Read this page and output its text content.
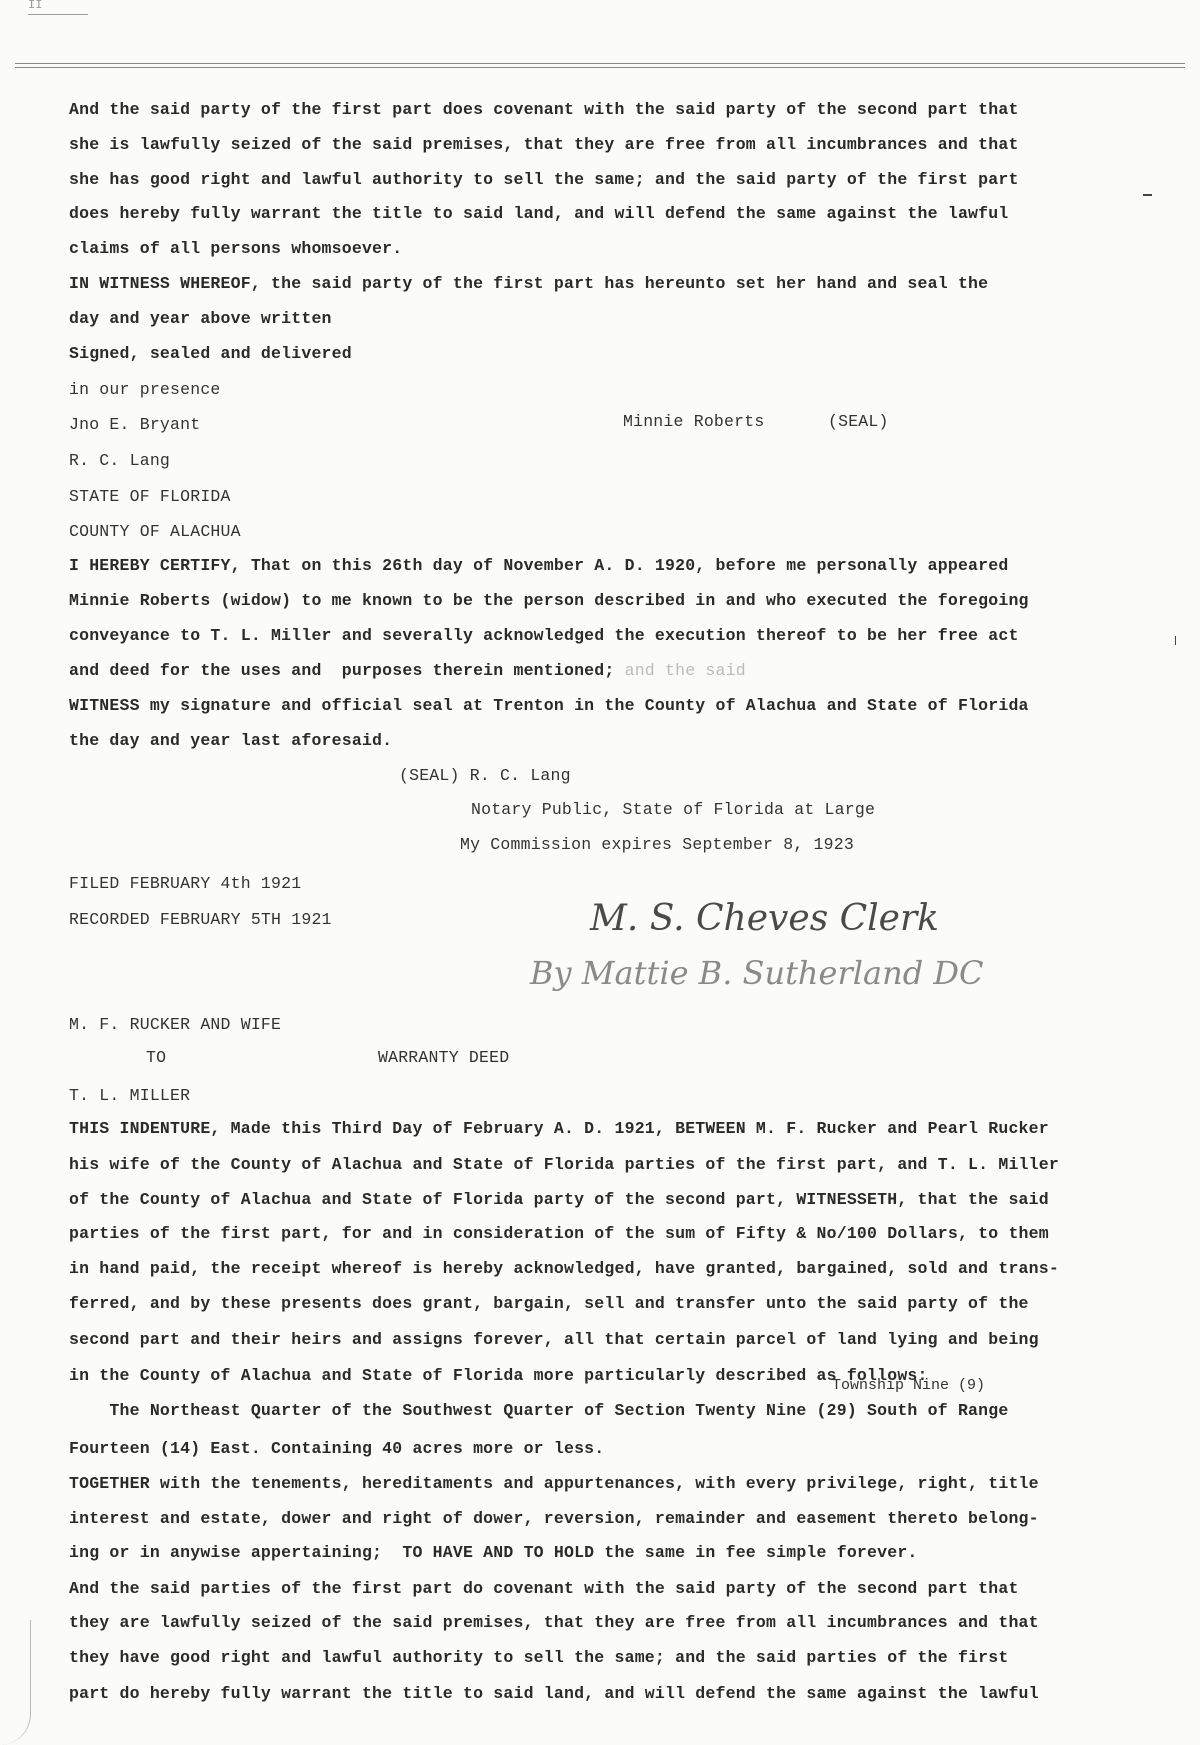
II
And the said party of the first part does covenant with the said party of the second part that
she is lawfully seized of the said premises, that they are free from all incumbrances and that
she has good right and lawful authority to sell the same; and the said party of the first part
does hereby fully warrant the title to said land, and will defend the same against the lawful
claims of all persons whomsoever.
IN WITNESS WHEREOF, the said party of the first part has hereunto set her hand and seal the
day and year above written
Signed, sealed and delivered
in our presence
Jno E. Bryant	Minnie Roberts	(SEAL)
R. C. Lang
STATE OF FLORIDA
COUNTY OF ALACHUA
I HEREBY CERTIFY, That on this 26th day of November A. D. 1920, before me personally appeared
Minnie Roberts (widow) to me known to be the person described in and who executed the foregoing
conveyance to T. L. Miller and severally acknowledged the execution thereof to be her free act
and deed for the uses and  purposes therein mentioned; and the said
WITNESS my signature and official seal at Trenton in the County of Alachua and State of Florida
the day and year last aforesaid.
(SEAL) R. C. Lang
Notary Public, State of Florida at Large
My Commission expires September 8, 1923
FILED FEBRUARY 4th 1921
RECORDED FEBRUARY 5TH 1921	M. S. Cheves Clerk
By Mattie B. Sutherland DC
M. F. RUCKER AND WIFE
TO	WARRANTY DEED
T. L. MILLER
THIS INDENTURE, Made this Third Day of February A. D. 1921, BETWEEN M. F. Rucker and Pearl Rucker
his wife of the County of Alachua and State of Florida parties of the first part, and T. L. Miller
of the County of Alachua and State of Florida party of the second part, WITNESSETH, that the said
parties of the first part, for and in consideration of the sum of Fifty & No/100 Dollars, to them
in hand paid, the receipt whereof is hereby acknowledged, have granted, bargained, sold and trans-
ferred, and by these presents does grant, bargain, sell and transfer unto the said party of the
second part and their heirs and assigns forever, all that certain parcel of land lying and being
in the County of Alachua and State of Florida more particularly described as follows:
Township Nine (9)
The Northeast Quarter of the Southwest Quarter of Section Twenty Nine (29) South of Range
Fourteen (14) East. Containing 40 acres more or less.
TOGETHER with the tenements, hereditaments and appurtenances, with every privilege, right, title
interest and estate, dower and right of dower, reversion, remainder and easement thereto belong-
ing or in anywise appertaining;  TO HAVE AND TO HOLD the same in fee simple forever.
And the said parties of the first part do covenant with the said party of the second part that
they are lawfully seized of the said premises, that they are free from all incumbrances and that
they have good right and lawful authority to sell the same; and the said parties of the first
part do hereby fully warrant the title to said land, and will defend the same against the lawful
